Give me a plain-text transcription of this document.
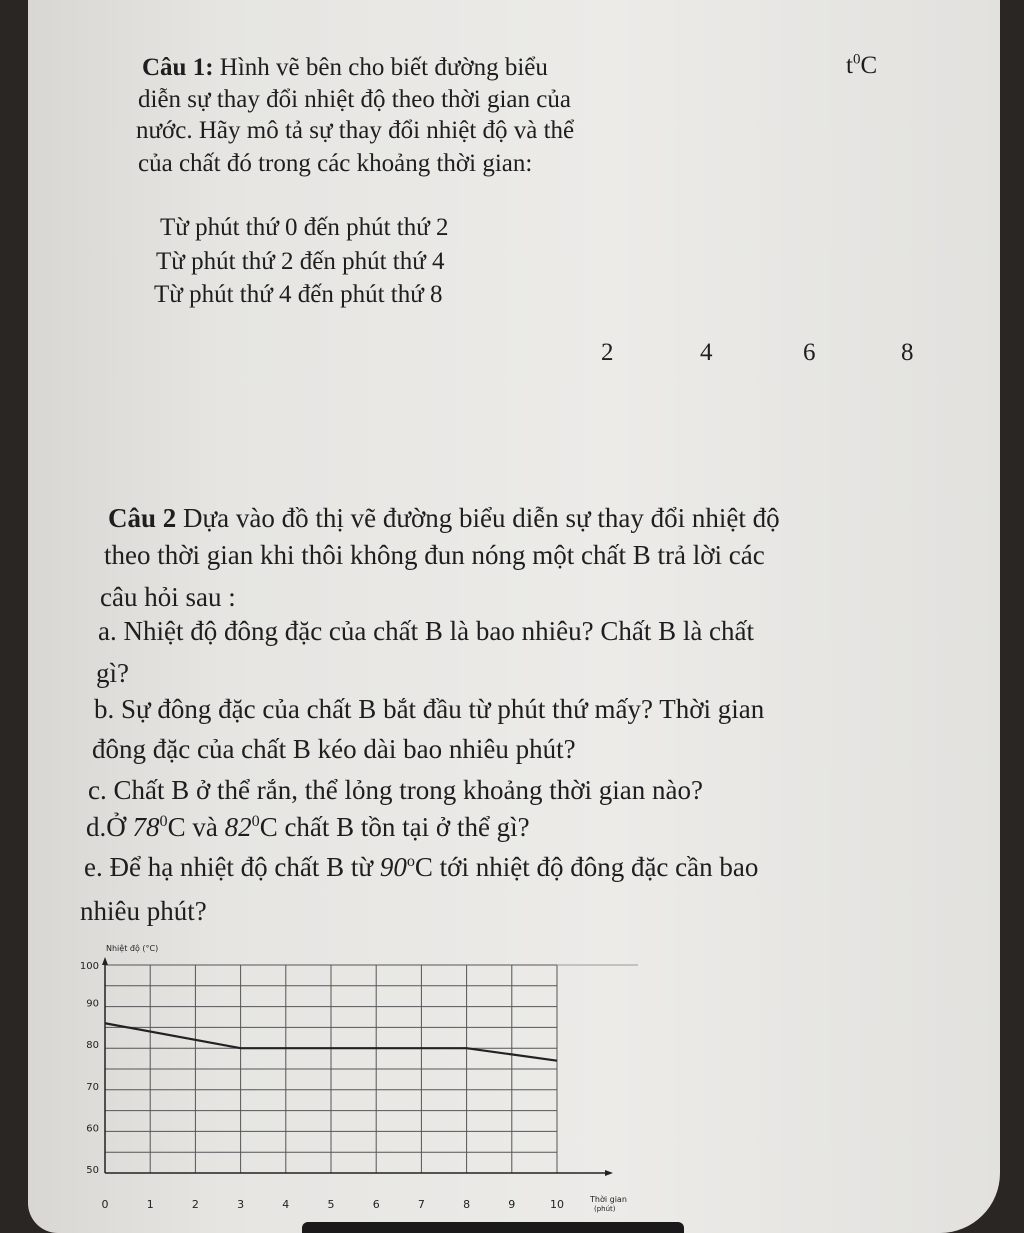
Câu 1: Hình vẽ bên cho biết đường biểu	$t^0C$
diễn sự thay đổi nhiệt độ theo thời gian của
nước. Hãy mô tả sự thay đổi nhiệt độ và thể
của chất đó trong các khoảng thời gian:
Từ phút thứ 0 đến phút thứ 2
Từ phút thứ 2 đến phút thứ 4
Từ phút thứ 4 đến phút thứ 8
2	4	6	8
Câu 2 Dựa vào đồ thị vẽ đường biểu diễn sự thay đổi nhiệt độ
theo thời gian khi thôi không đun nóng một chất B trả lời các
câu hỏi sau :
a. Nhiệt độ đông đặc của chất B là bao nhiêu? Chất B là chất
gì?
b. Sự đông đặc của chất B bắt đầu từ phút thứ mấy? Thời gian
đông đặc của chất B kéo dài bao nhiêu phút?
c. Chất B ở thể rắn, thể lỏng trong khoảng thời gian nào?
d.Ở $78^0C$ và $82^0C$ chất B tồn tại ở thể gì?
e. Để hạ nhiệt độ chất B từ 90$^o$C tới nhiệt độ đông đặc cần bao
nhiêu phút?
0	1	2	3	4	5	6	7	8	9	10
50
60
70
80
90
100
Nhiệt độ (°C)
Thời gian
(phút)
